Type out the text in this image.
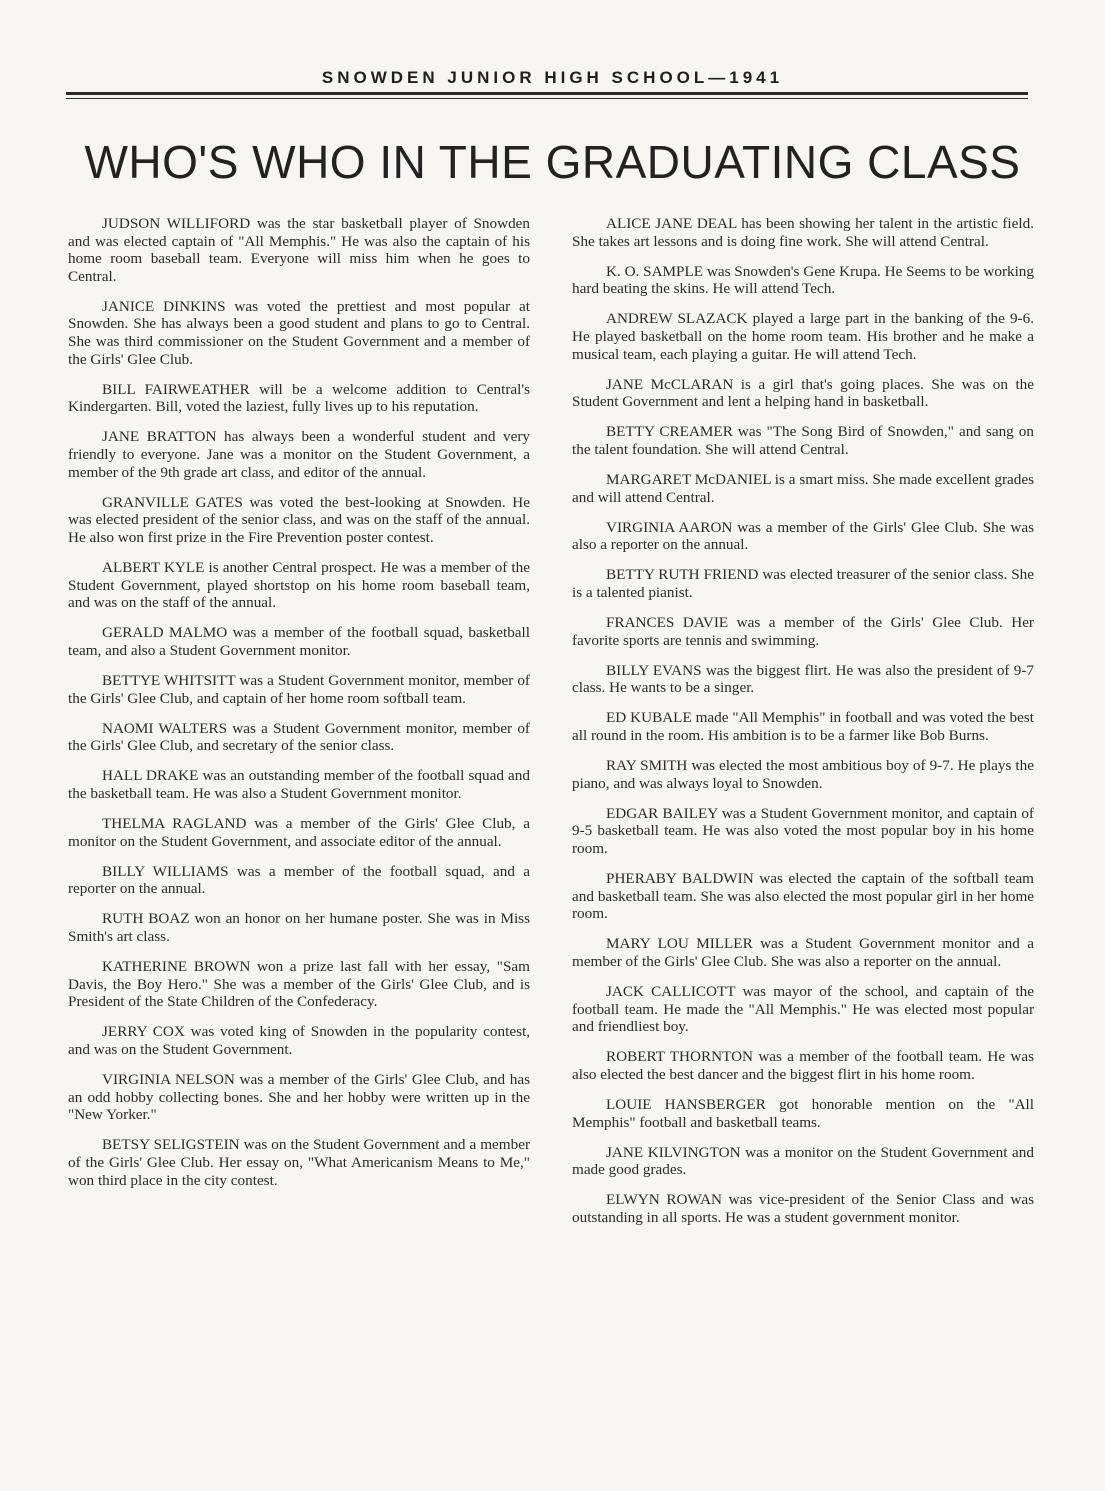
SNOWDEN JUNIOR HIGH SCHOOL—1941
WHO'S WHO IN THE GRADUATING CLASS

JUDSON WILLIFORD was the star basketball player of Snowden and was elected captain of "All Memphis." He was also the captain of his home room baseball team. Everyone will miss him when he goes to Central.

JANICE DINKINS was voted the prettiest and most popular at Snowden. She has always been a good student and plans to go to Central. She was third commissioner on the Student Government and a member of the Girls' Glee Club.

BILL FAIRWEATHER will be a welcome addition to Central's Kindergarten. Bill, voted the laziest, fully lives up to his reputation.

JANE BRATTON has always been a wonderful student and very friendly to everyone. Jane was a monitor on the Student Government, a member of the 9th grade art class, and editor of the annual.

GRANVILLE GATES was voted the best-looking at Snowden. He was elected president of the senior class, and was on the staff of the annual. He also won first prize in the Fire Prevention poster contest.

ALBERT KYLE is another Central prospect. He was a member of the Student Government, played shortstop on his home room baseball team, and was on the staff of the annual.

GERALD MALMO was a member of the football squad, basketball team, and also a Student Government monitor.

BETTYE WHITSITT was a Student Government monitor, member of the Girls' Glee Club, and captain of her home room softball team.

NAOMI WALTERS was a Student Government monitor, member of the Girls' Glee Club, and secretary of the senior class.

HALL DRAKE was an outstanding member of the football squad and the basketball team. He was also a Student Government monitor.

THELMA RAGLAND was a member of the Girls' Glee Club, a monitor on the Student Government, and associate editor of the annual.

BILLY WILLIAMS was a member of the football squad, and a reporter on the annual.

RUTH BOAZ won an honor on her humane poster. She was in Miss Smith's art class.

KATHERINE BROWN won a prize last fall with her essay, "Sam Davis, the Boy Hero." She was a member of the Girls' Glee Club, and is President of the State Children of the Confederacy.

JERRY COX was voted king of Snowden in the popularity contest, and was on the Student Government.

VIRGINIA NELSON was a member of the Girls' Glee Club, and has an odd hobby collecting bones. She and her hobby were written up in the "New Yorker."

BETSY SELIGSTEIN was on the Student Government and a member of the Girls' Glee Club. Her essay on, "What Americanism Means to Me," won third place in the city contest.

ALICE JANE DEAL has been showing her talent in the artistic field. She takes art lessons and is doing fine work. She will attend Central.

K. O. SAMPLE was Snowden's Gene Krupa. He Seems to be working hard beating the skins. He will attend Tech.

ANDREW SLAZACK played a large part in the banking of the 9-6. He played basketball on the home room team. His brother and he make a musical team, each playing a guitar. He will attend Tech.

JANE McCLARAN is a girl that's going places. She was on the Student Government and lent a helping hand in basketball.

BETTY CREAMER was "The Song Bird of Snowden," and sang on the talent foundation. She will attend Central.

MARGARET McDANIEL is a smart miss. She made excellent grades and will attend Central.

VIRGINIA AARON was a member of the Girls' Glee Club. She was also a reporter on the annual.

BETTY RUTH FRIEND was elected treasurer of the senior class. She is a talented pianist.

FRANCES DAVIE was a member of the Girls' Glee Club. Her favorite sports are tennis and swimming.

BILLY EVANS was the biggest flirt. He was also the president of 9-7 class. He wants to be a singer.

ED KUBALE made "All Memphis" in football and was voted the best all round in the room. His ambition is to be a farmer like Bob Burns.

RAY SMITH was elected the most ambitious boy of 9-7. He plays the piano, and was always loyal to Snowden.

EDGAR BAILEY was a Student Government monitor, and captain of 9-5 basketball team. He was also voted the most popular boy in his home room.

PHERABY BALDWIN was elected the captain of the softball team and basketball team. She was also elected the most popular girl in her home room.

MARY LOU MILLER was a Student Government monitor and a member of the Girls' Glee Club. She was also a reporter on the annual.

JACK CALLICOTT was mayor of the school, and captain of the football team. He made the "All Memphis." He was elected most popular and friendliest boy.

ROBERT THORNTON was a member of the football team. He was also elected the best dancer and the biggest flirt in his home room.

LOUIE HANSBERGER got honorable mention on the "All Memphis" football and basketball teams.

JANE KILVINGTON was a monitor on the Student Government and made good grades.

ELWYN ROWAN was vice-president of the Senior Class and was outstanding in all sports. He was a student government monitor.
